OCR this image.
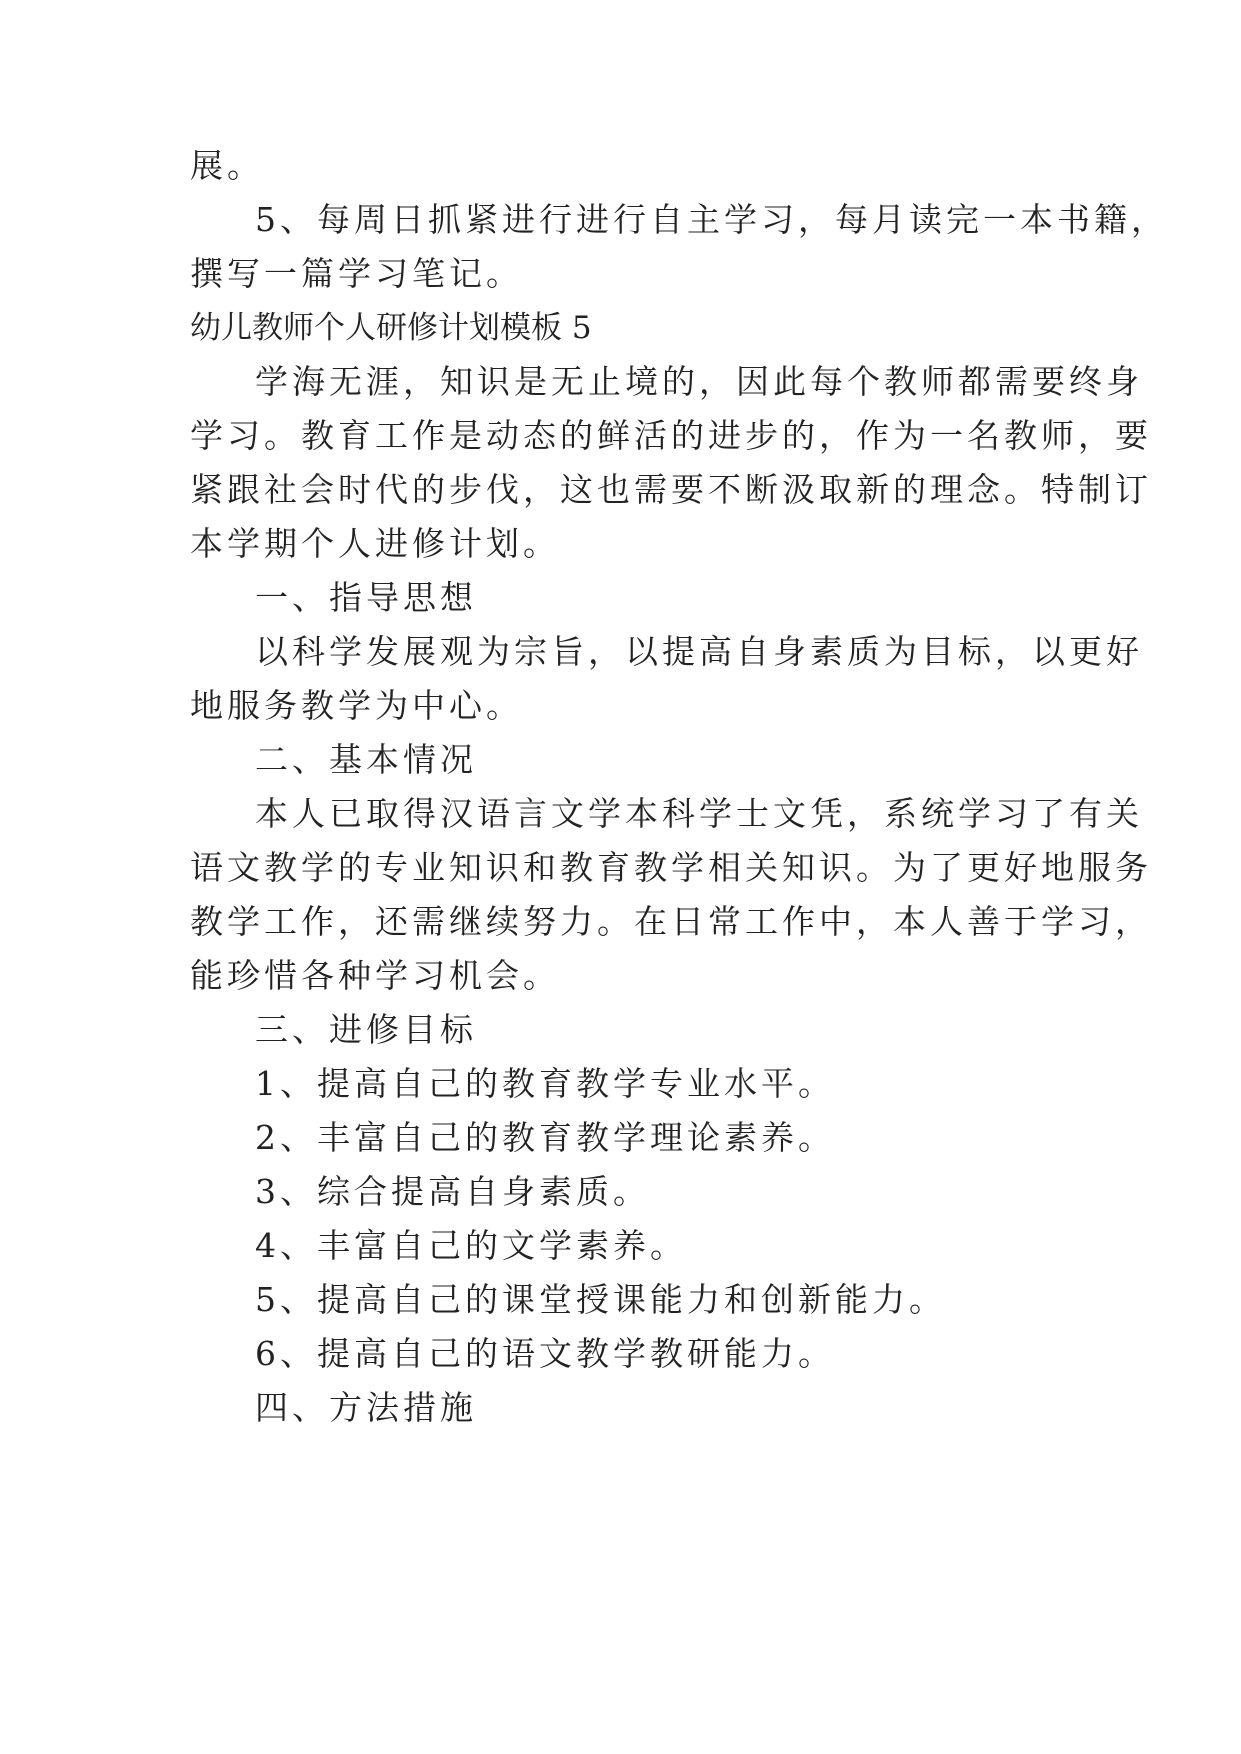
展。
5、每周日抓紧进行进行自主学习，每月读完一本书籍，
撰写一篇学习笔记。
幼儿教师个人研修计划模板 5
学海无涯，知识是无止境的，因此每个教师都需要终身
学习。教育工作是动态的鲜活的进步的，作为一名教师，要
紧跟社会时代的步伐，这也需要不断汲取新的理念。特制订
本学期个人进修计划。
一、指导思想
以科学发展观为宗旨，以提高自身素质为目标，以更好
地服务教学为中心。
二、基本情况
本人已取得汉语言文学本科学士文凭，系统学习了有关
语文教学的专业知识和教育教学相关知识。为了更好地服务
教学工作，还需继续努力。在日常工作中，本人善于学习，
能珍惜各种学习机会。
三、进修目标
1、提高自己的教育教学专业水平。
2、丰富自己的教育教学理论素养。
3、综合提高自身素质。
4、丰富自己的文学素养。
5、提高自己的课堂授课能力和创新能力。
6、提高自己的语文教学教研能力。
四、方法措施
